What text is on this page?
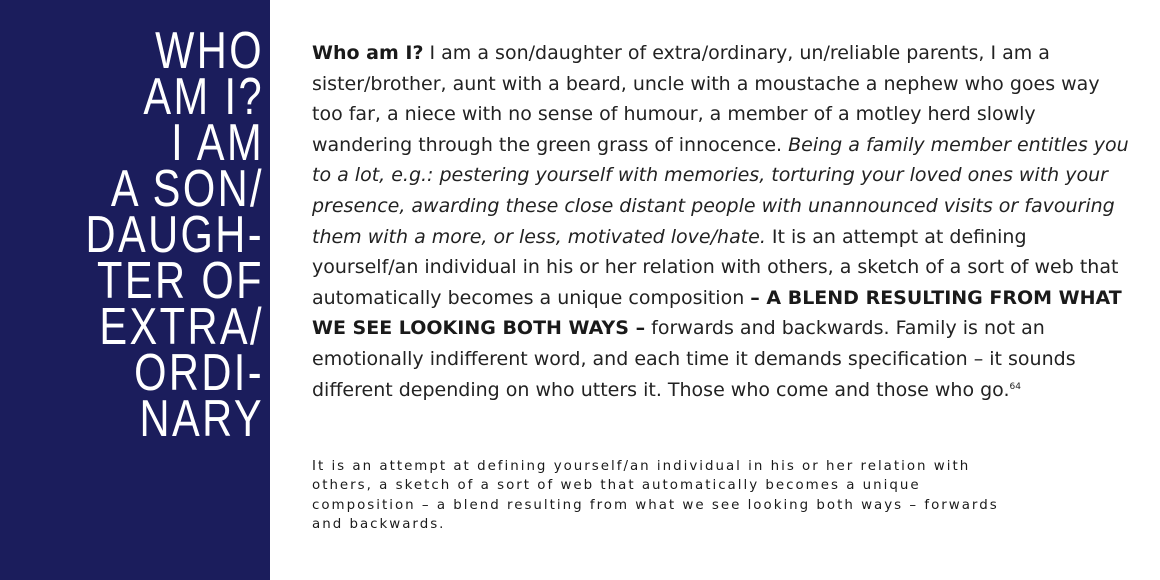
WHO
AM I?
I AM
A SON/
DAUGH-
TER OF
EXTRA/
ORDI-
NARY

Who am I? I am a son/daughter of extra/ordinary, un/reliable parents, I am a sister/brother, aunt with a beard, uncle with a moustache a nephew who goes way too far, a niece with no sense of humour, a member of a motley herd slowly wandering through the green grass of innocence. Being a family member entitles you to a lot, e.g.: pestering yourself with memories, torturing your loved ones with your presence, awarding these close distant people with unannounced visits or favouring them with a more, or less, motivated love/hate. It is an attempt at defining yourself/an individual in his or her relation with others, a sketch of a sort of web that automatically becomes a unique composition – A BLEND RESULTING FROM WHAT WE SEE LOOKING BOTH WAYS – forwards and backwards. Family is not an emotionally indifferent word, and each time it demands specification – it sounds different depending on who utters it. Those who come and those who go.$^{64}$

It is an attempt at defining yourself/an individual in his or her relation with others, a sketch of a sort of web that automatically becomes a unique composition – a blend resulting from what we see looking both ways – forwards and backwards.
